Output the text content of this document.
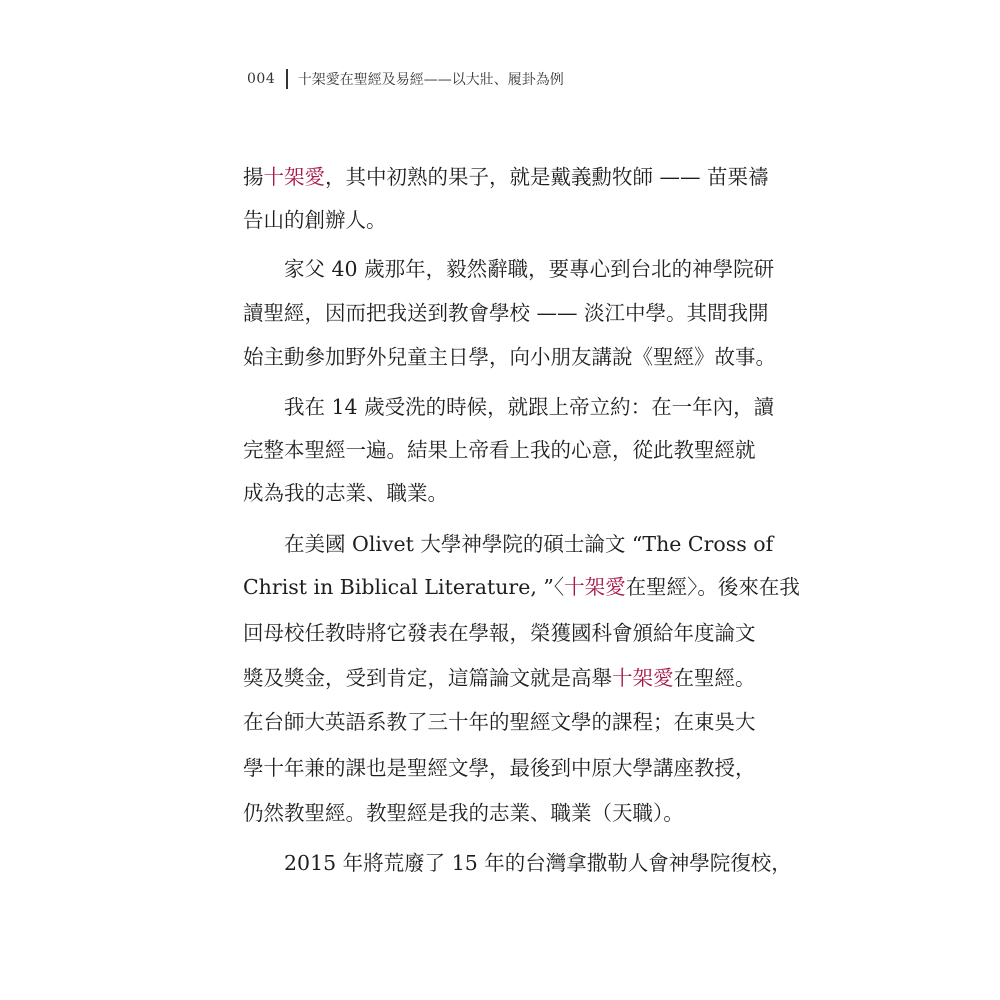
004 十架愛在聖經及易經——以大壯、履卦為例
揚十架愛，其中初熟的果子，就是戴義勳牧師 —— 苗栗禱
告山的創辦人。
家父 40 歲那年，毅然辭職，要專心到台北的神學院研
讀聖經，因而把我送到教會學校 —— 淡江中學。其間我開
始主動參加野外兒童主日學，向小朋友講說《聖經》故事。
我在 14 歲受洗的時候，就跟上帝立約：在一年內，讀
完整本聖經一遍。結果上帝看上我的心意，從此教聖經就
成為我的志業、職業。
在美國 Olivet 大學神學院的碩士論文 “The Cross of
Christ in Biblical Literature, ”〈十架愛在聖經〉。後來在我
回母校任教時將它發表在學報，榮獲國科會頒給年度論文
獎及獎金，受到肯定，這篇論文就是高舉十架愛在聖經。
在台師大英語系教了三十年的聖經文學的課程；在東吳大
學十年兼的課也是聖經文學，最後到中原大學講座教授，
仍然教聖經。教聖經是我的志業、職業（天職）。
2015 年將荒廢了 15 年的台灣拿撒勒人會神學院復校，
